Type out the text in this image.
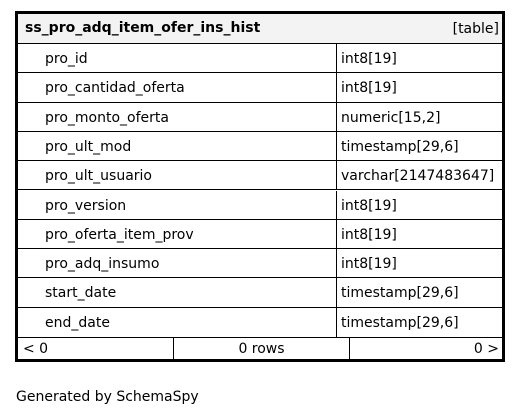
ss_pro_adq_item_ofer_ins_hist	[table]
pro_id	int8[19]
pro_cantidad_oferta	int8[19]
pro_monto_oferta	numeric[15,2]
pro_ult_mod	timestamp[29,6]
pro_ult_usuario	varchar[2147483647]
pro_version	int8[19]
pro_oferta_item_prov	int8[19]
pro_adq_insumo	int8[19]
start_date	timestamp[29,6]
end_date	timestamp[29,6]
< 0	0 rows	0 >
Generated by SchemaSpy
